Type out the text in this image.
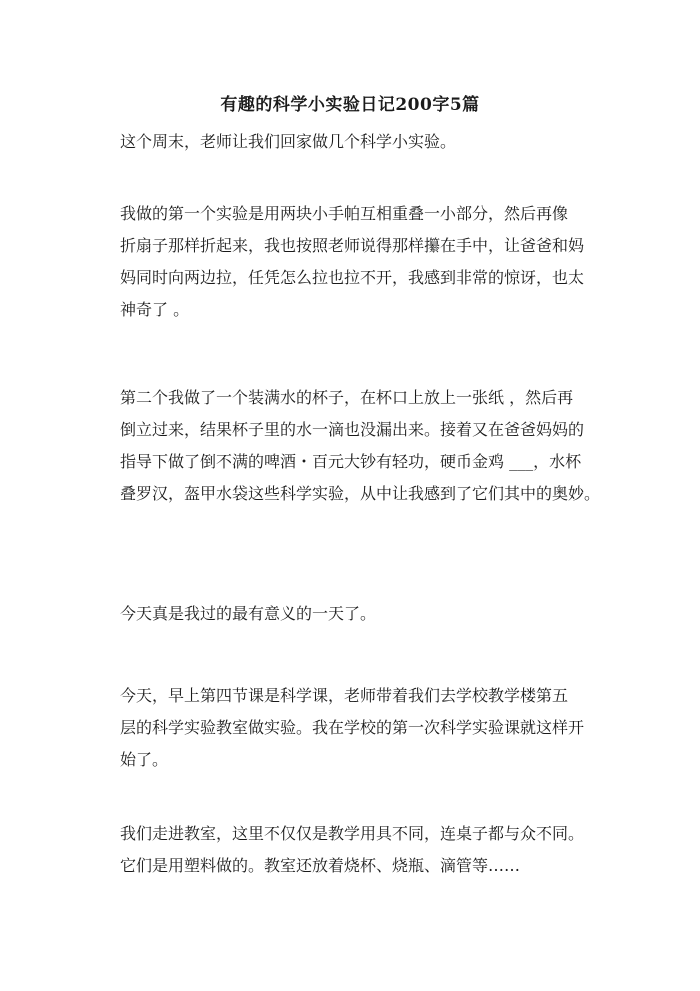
有趣的科学小实验日记200字5篇

这个周末，老师让我们回家做几个科学小实验。

我做的第一个实验是用两块小手帕互相重叠一小部分，然后再像
折扇子那样折起来，我也按照老师说得那样攥在手中，让爸爸和妈
妈同时向两边拉，任凭怎么拉也拉不开，我感到非常的惊讶，也太
神奇了 。

第二个我做了一个装满水的杯子，在杯口上放上一张纸 ，然后再
倒立过来，结果杯子里的水一滴也没漏出来。接着又在爸爸妈妈的
指导下做了倒不满的啤酒・百元大钞有轻功，硬币金鸡 ___，水杯
叠罗汉，盔甲水袋这些科学实验，从中让我感到了它们其中的奥妙。

今天真是我过的最有意义的一天了。

今天，早上第四节课是科学课，老师带着我们去学校教学楼第五
层的科学实验教室做实验。我在学校的第一次科学实验课就这样开
始了。

我们走进教室，这里不仅仅是教学用具不同，连桌子都与众不同。
它们是用塑料做的。教室还放着烧杯、烧瓶、滴管等……
